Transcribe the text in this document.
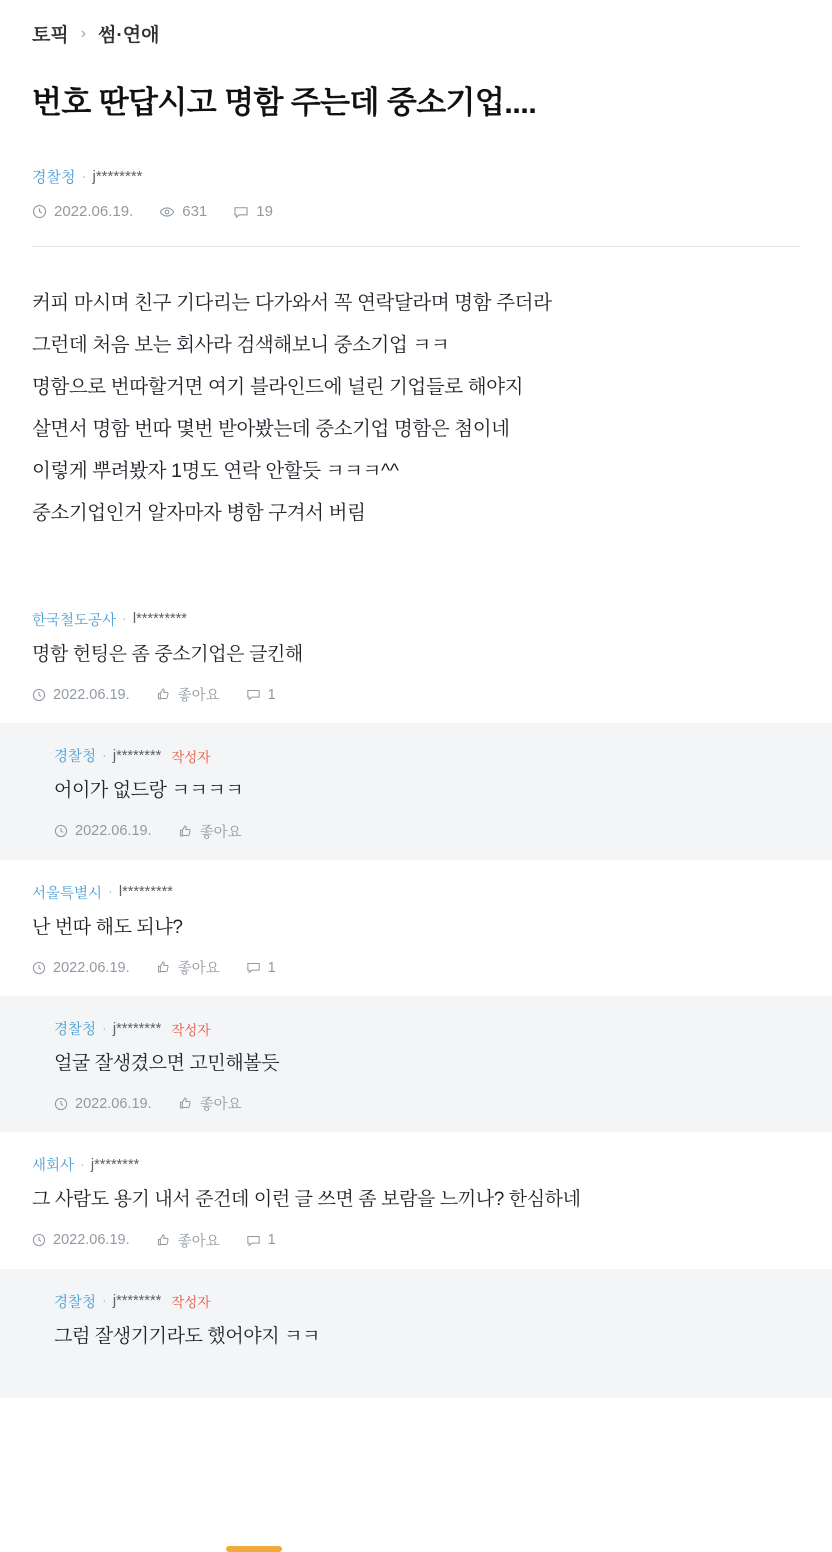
토픽 › 썸·연애
번호 딴답시고 명함 주는데 중소기업....
경찰청 · j********
2022.06.19.	631	19

커피 마시며 친구 기다리는 다가와서 꼭 연락달라며 명함 주더라

그런데 처음 보는 회사라 검색해보니 중소기업 ㅋㅋ

명함으로 번따할거면 여기 블라인드에 널린 기업들로 해야지

살면서 명함 번따 몇번 받아봤는데 중소기업 명함은 첨이네

이렇게 뿌려봤자 1명도 연락 안할듯 ㅋㅋㅋ^^

중소기업인거 알자마자 병함 구겨서 버림

한국철도공사 · l*********
명함 헌팅은 좀 중소기업은 글킨해
2022.06.19.	좋아요	1
경찰청 · j******** 작성자
어이가 없드랑 ㅋㅋㅋㅋ
2022.06.19.	좋아요
서울특별시 · l*********
난 번따 해도 되냐?
2022.06.19.	좋아요	1
경찰청 · j******** 작성자
얼굴 잘생겼으면 고민해볼듯
2022.06.19.	좋아요
새회사 · j********
그 사람도 용기 내서 준건데 이런 글 쓰면 좀 보람을 느끼나? 한심하네
2022.06.19.	좋아요	1
경찰청 · j******** 작성자
그럼 잘생기기라도 했어야지 ㅋㅋ
